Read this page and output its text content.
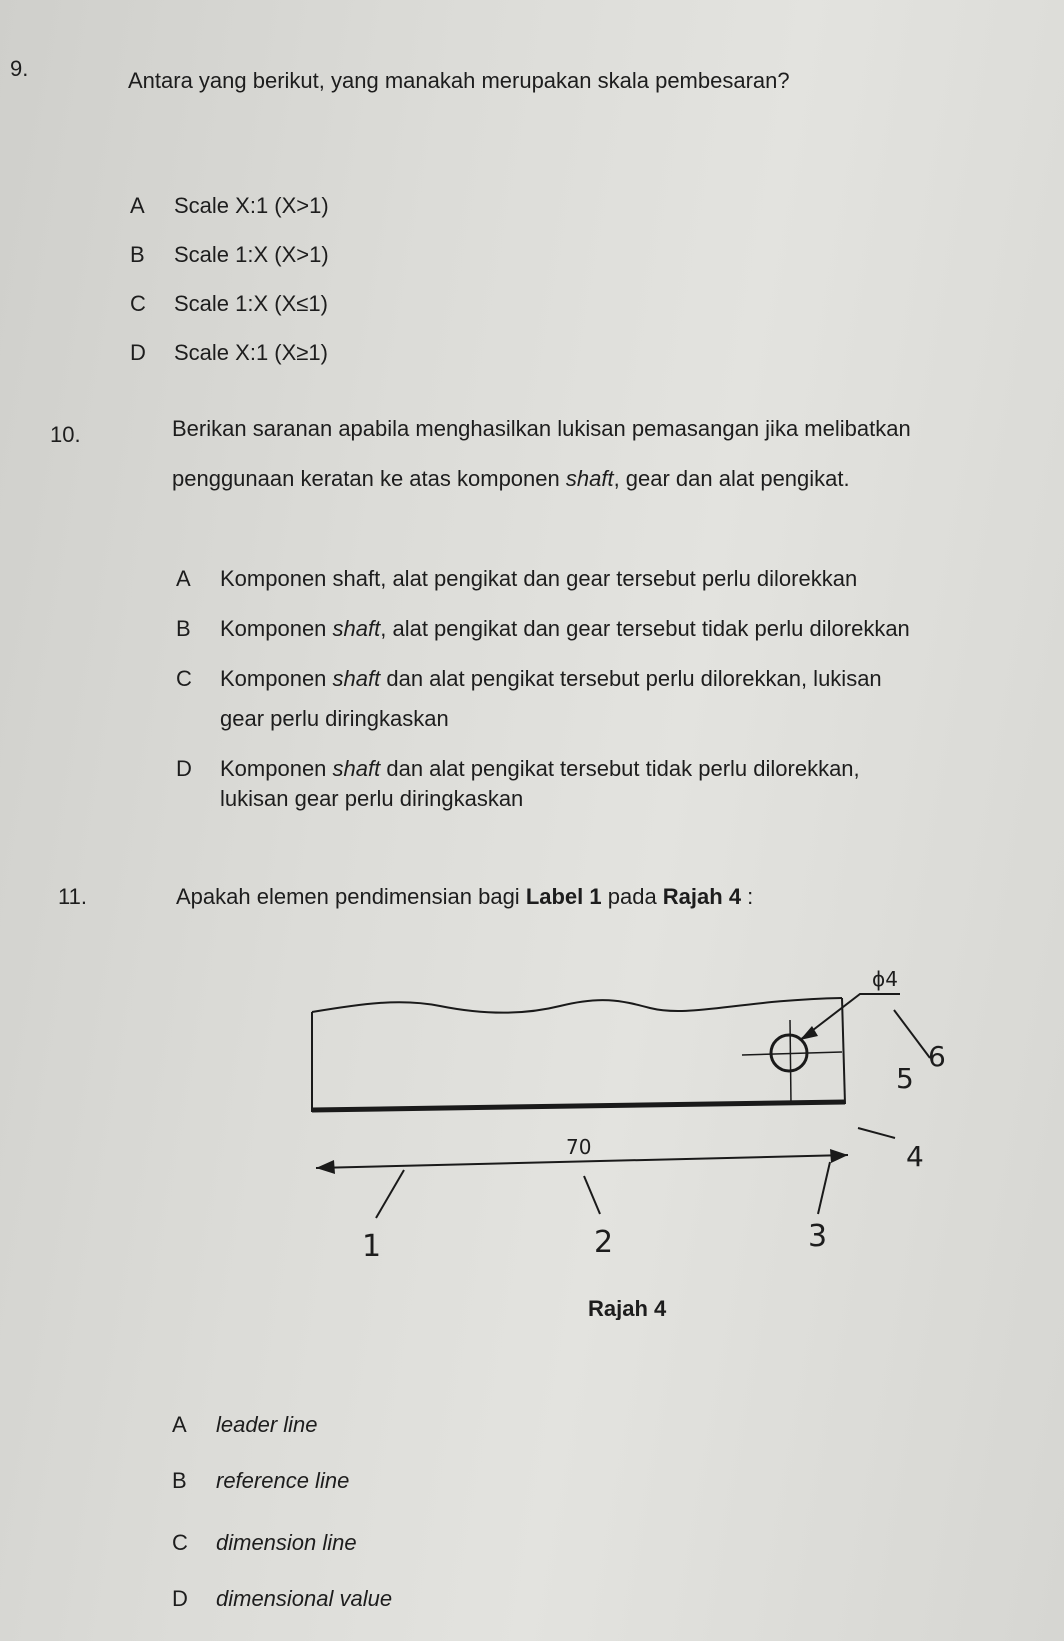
9.	Antara yang berikut, yang manakah merupakan skala pembesaran?
A Scale X:1 (X>1)
B Scale 1:X (X>1)
C Scale 1:X (X≤1)
D Scale X:1 (X≥1)
10.	Berikan saranan apabila menghasilkan lukisan pemasangan jika melibatkan
penggunaan keratan ke atas komponen shaft, gear dan alat pengikat.
A Komponen shaft, alat pengikat dan gear tersebut perlu dilorekkan
B Komponen shaft, alat pengikat dan gear tersebut tidak perlu dilorekkan
C Komponen shaft dan alat pengikat tersebut perlu dilorekkan, lukisan
gear perlu diringkaskan
D Komponen shaft dan alat pengikat tersebut tidak perlu dilorekkan,
lukisan gear perlu diringkaskan
11.	Apakah elemen pendimensian bagi Label 1 pada Rajah 4 :
ϕ4
5
6
4
70
1	2	3
Rajah 4
A leader line
B reference line
C dimension line
D dimensional value
